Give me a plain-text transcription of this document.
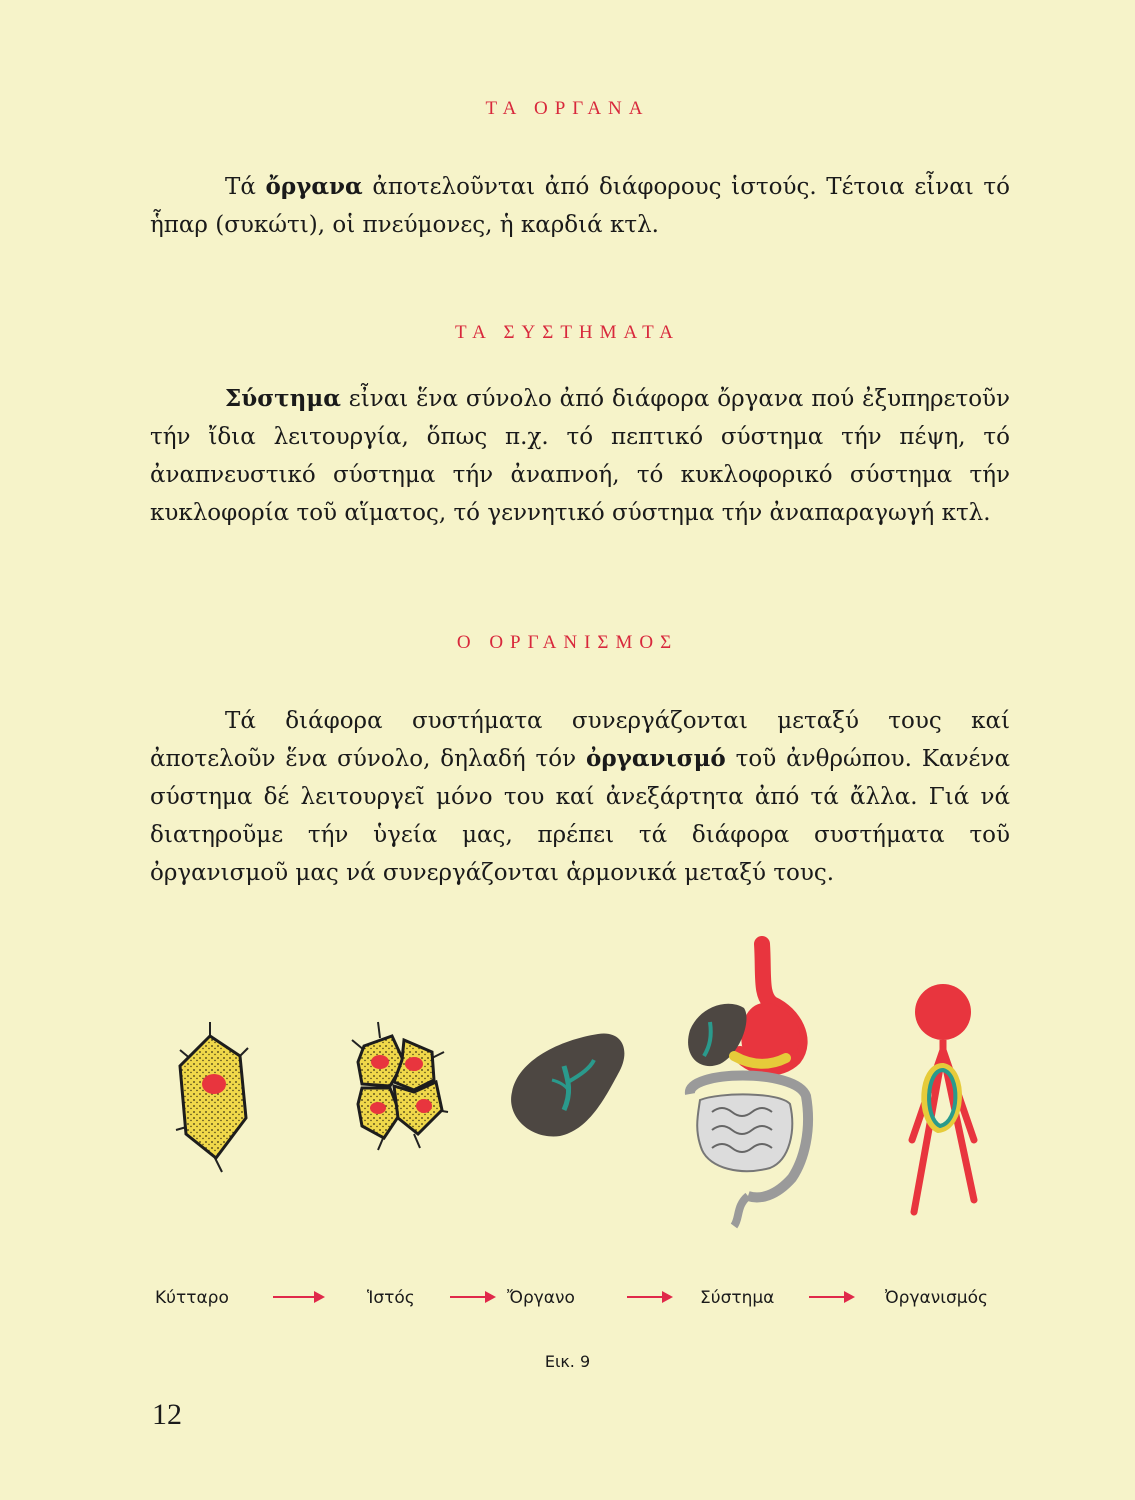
ΤΑ ΟΡΓΑΝΑ

Τά ὄργανα ἀποτελοῦνται ἀπό διάφορους ἱστούς. Τέτοια εἶναι τό ἧπαρ (συκώτι), οἱ πνεύμονες, ἡ καρδιά κτλ.

ΤΑ ΣΥΣΤΗΜΑΤΑ

Σύστημα εἶναι ἕνα σύνολο ἀπό διάφορα ὄργανα πού ἐξυπηρετοῦν τήν ἴδια λειτουργία, ὅπως π.χ. τό πεπτικό σύστημα τήν πέψη, τό ἀναπνευστικό σύστημα τήν ἀναπνοή, τό κυκλοφορικό σύστημα τήν κυκλοφορία τοῦ αἵματος, τό γεννητικό σύστημα τήν ἀναπαραγωγή κτλ.

Ο ΟΡΓΑΝΙΣΜΟΣ

Τά διάφορα συστήματα συνεργάζονται μεταξύ τους καί ἀποτελοῦν ἕνα σύνολο, δηλαδή τόν ὀργανισμό τοῦ ἀνθρώπου. Κανένα σύστημα δέ λειτουργεῖ μόνο του καί ἀνεξάρτητα ἀπό τά ἄλλα. Γιά νά διατηροῦμε τήν ὑγεία μας, πρέπει τά διάφορα συστήματα τοῦ ὀργανισμοῦ μας νά συνεργάζονται ἁρμονικά μεταξύ τους.

Κύτταρο	Ἱστός	Ὄργανο	Σύστημα	Ὀργανισμός
Εικ. 9
12
